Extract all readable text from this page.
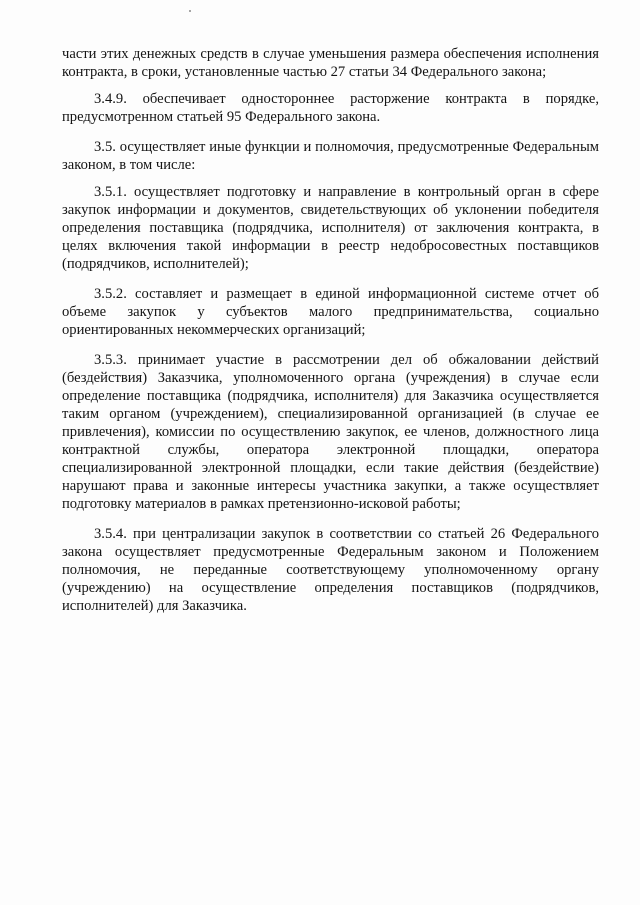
части этих денежных средств в случае уменьшения размера обеспечения исполнения контракта, в сроки, установленные частью 27 статьи 34 Федерального закона;

3.4.9. обеспечивает одностороннее расторжение контракта в порядке, предусмотренном статьей 95 Федерального закона.

3.5. осуществляет иные функции и полномочия, предусмотренные Федеральным законом, в том числе:

3.5.1. осуществляет подготовку и направление в контрольный орган в сфере закупок информации и документов, свидетельствующих об уклонении победителя определения поставщика (подрядчика, исполнителя) от заключения контракта, в целях включения такой информации в реестр недобросовестных поставщиков (подрядчиков, исполнителей);

3.5.2. составляет и размещает в единой информационной системе отчет об объеме закупок у субъектов малого предпринимательства, социально ориентированных некоммерческих организаций;

3.5.3. принимает участие в рассмотрении дел об обжаловании действий (бездействия) Заказчика, уполномоченного органа (учреждения) в случае если определение поставщика (подрядчика, исполнителя) для Заказчика осуществляется таким органом (учреждением), специализированной организацией (в случае ее привлечения), комиссии по осуществлению закупок, ее членов, должностного лица контрактной службы, оператора электронной площадки, оператора специализированной электронной площадки, если такие действия (бездействие) нарушают права и законные интересы участника закупки, а также осуществляет подготовку материалов в рамках претензионно-исковой работы;

3.5.4. при централизации закупок в соответствии со статьей 26 Федерального закона осуществляет предусмотренные Федеральным законом и Положением полномочия, не переданные соответствующему уполномоченному органу (учреждению) на осуществление определения поставщиков (подрядчиков, исполнителей) для Заказчика.
